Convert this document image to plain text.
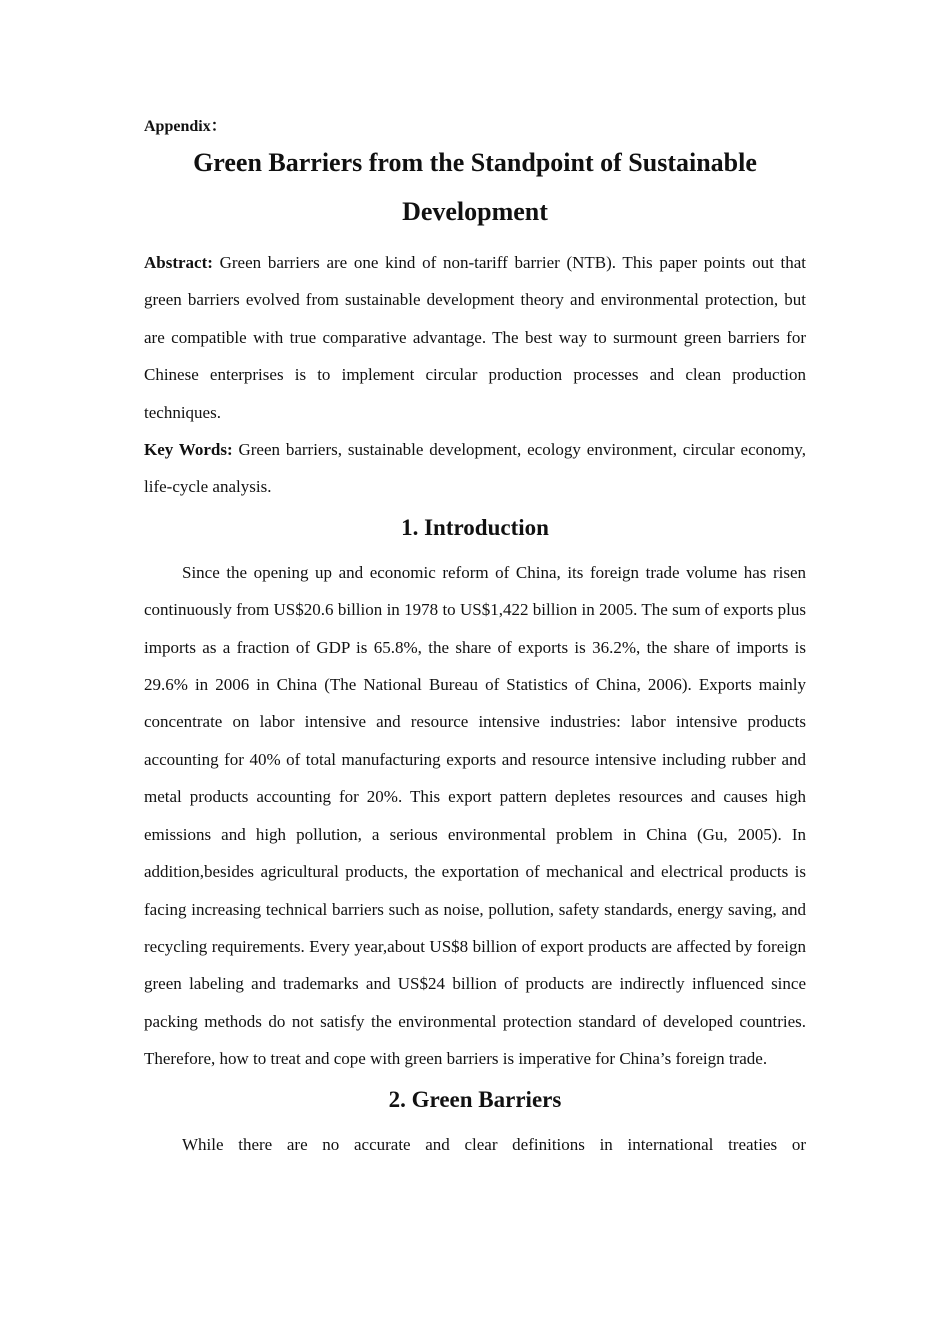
Appendix：

Green Barriers from the Standpoint of Sustainable Development

Abstract: Green barriers are one kind of non-tariff barrier (NTB). This paper points out that green barriers evolved from sustainable development theory and environmental protection, but are compatible with true comparative advantage. The best way to surmount green barriers for Chinese enterprises is to implement circular production processes and clean production techniques.

Key Words: Green barriers, sustainable development, ecology environment, circular economy, life-cycle analysis.

1. Introduction

Since the opening up and economic reform of China, its foreign trade volume has risen continuously from US$20.6 billion in 1978 to US$1,422 billion in 2005. The sum of exports plus imports as a fraction of GDP is 65.8%, the share of exports is 36.2%, the share of imports is 29.6% in 2006 in China (The National Bureau of Statistics of China, 2006). Exports mainly concentrate on labor intensive and resource intensive industries: labor intensive products accounting for 40% of total manufacturing exports and resource intensive including rubber and metal products accounting for 20%. This export pattern depletes resources and causes high emissions and high pollution, a serious environmental problem in China (Gu, 2005). In addition,besides agricultural products, the exportation of mechanical and electrical products is facing increasing technical barriers such as noise, pollution, safety standards, energy saving, and recycling requirements. Every year,about US$8 billion of export products are affected by foreign green labeling and trademarks and US$24 billion of products are indirectly influenced since packing methods do not satisfy the environmental protection standard of developed countries. Therefore, how to treat and cope with green barriers is imperative for China’s foreign trade.

2. Green Barriers

While there are no accurate and clear definitions in international treaties or
